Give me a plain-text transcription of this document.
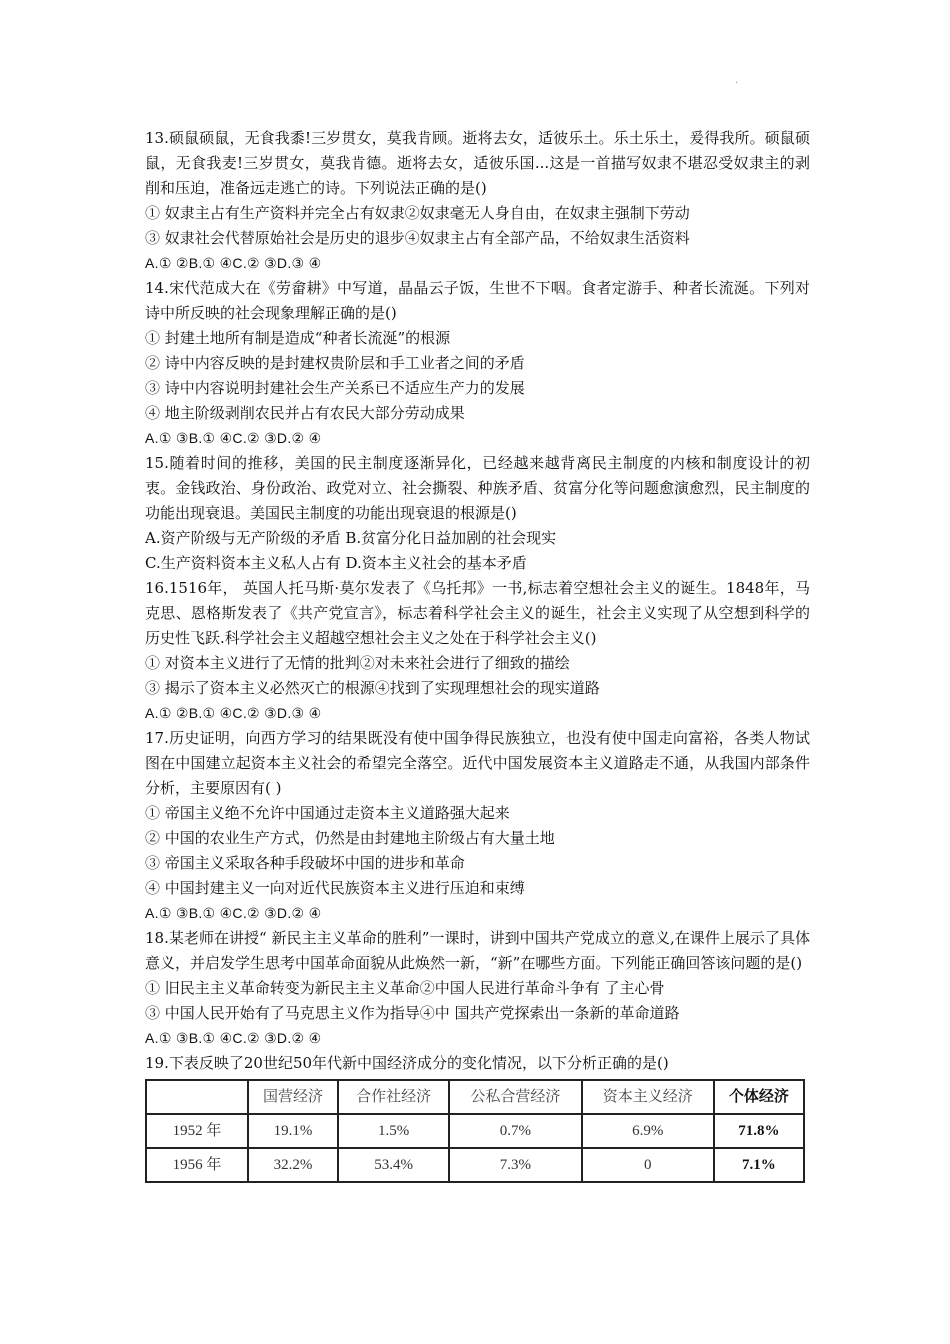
·

13.硕鼠硕鼠，无食我黍!三岁贯女，莫我肯顾。逝将去女，适彼乐土。乐土乐土，爰得我所。硕鼠硕鼠，无食我麦!三岁贯女，莫我肯德。逝将去女，适彼乐国...这是一首描写奴隶不堪忍受奴隶主的剥削和压迫，准备远走逃亡的诗。下列说法正确的是()

① 奴隶主占有生产资料并完全占有奴隶②奴隶毫无人身自由，在奴隶主强制下劳动

③ 奴隶社会代替原始社会是历史的退步④奴隶主占有全部产品，不给奴隶生活资料

A.① ②B.① ④C.② ③D.③ ④

14.宋代范成大在《劳畲耕》中写道，晶晶云子饭，生世不下咽。食者定游手、种者长流涎。下列对诗中所反映的社会现象理解正确的是()

① 封建土地所有制是造成“种者长流涎”的根源

② 诗中内容反映的是封建权贵阶层和手工业者之间的矛盾

③ 诗中内容说明封建社会生产关系已不适应生产力的发展

④ 地主阶级剥削农民并占有农民大部分劳动成果

A.① ③B.① ④C.② ③D.② ④

15.随着时间的推移，美国的民主制度逐渐异化，已经越来越背离民主制度的内核和制度设计的初衷。金钱政治、身份政治、政党对立、社会撕裂、种族矛盾、贫富分化等问题愈演愈烈，民主制度的功能出现衰退。美国民主制度的功能出现衰退的根源是()

A.资产阶级与无产阶级的矛盾 B.贫富分化日益加剧的社会现实

C.生产资料资本主义私人占有 D.资本主义社会的基本矛盾

16.1516年， 英国人托马斯·莫尔发表了《乌托邦》一书,标志着空想社会主义的诞生。1848年，马克思、恩格斯发表了《共产党宣言》，标志着科学社会主义的诞生，社会主义实现了从空想到科学的历史性飞跃.科学社会主义超越空想社会主义之处在于科学社会主义()

① 对资本主义进行了无情的批判②对未来社会进行了细致的描绘

③ 揭示了资本主义必然灭亡的根源④找到了实现理想社会的现实道路

A.① ②B.① ④C.② ③D.③ ④

17.历史证明，向西方学习的结果既没有使中国争得民族独立，也没有使中国走向富裕，各类人物试图在中国建立起资本主义社会的希望完全落空。近代中国发展资本主义道路走不通，从我国内部条件分析，主要原因有( )

① 帝国主义绝不允许中国通过走资本主义道路强大起来

② 中国的农业生产方式，仍然是由封建地主阶级占有大量土地

③ 帝国主义采取各种手段破坏中国的进步和革命

④ 中国封建主义一向对近代民族资本主义进行压迫和束缚

A.① ③B.① ④C.② ③D.② ④

18.某老师在讲授“ 新民主主义革命的胜利”一课时，讲到中国共产党成立的意义,在课件上展示了具体意义，并启发学生思考中国革命面貌从此焕然一新，“新”在哪些方面。下列能正确回答该问题的是()

① 旧民主主义革命转变为新民主主义革命②中国人民进行革命斗争有 了主心骨

③ 中国人民开始有了马克思主义作为指导④中 国共产党探索出一条新的革命道路

A.① ③B.① ④C.② ③D.② ④

19.下表反映了20世纪50年代新中国经济成分的变化情况，以下分析正确的是()

	国营经济	合作社经济	公私合营经济	资本主义经济	个体经济
1952 年	19.1%	1.5%	0.7%	6.9%	71.8%
1956 年	32.2%	53.4%	7.3%	0	7.1%
